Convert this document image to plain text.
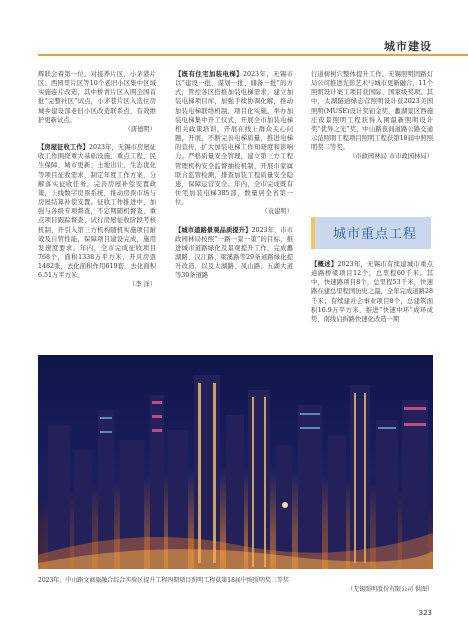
城市建设

辉联会着第一位。对接养片区、小茅港片区、西园里片区等10个老旧小区集中区域实施连片改造，其中桥青片区入围全国首批“完整社区”试点，小茅巷片区入选住房城乡建设部老旧小区改造联系点，有效维护更新试点。

（唐德明）

【房屋征收工作】2023年，无锡市房屋征收工作围绕重大基础设施、重点工程、民生保障、城市更新、土地出让、生态优化等项目征收需求，制定年度工作方案，分解落实征收任务，完善房屋补偿安置政策，上线数字房票系统，推动房票市场与房屋结算补偿安置。征收工作推进中，加强与各级专项督查，不定期随机督查，重点项目跟踪督查，试行房屋征收阶段考核机制，开引入第三方机构随机实施项目耐效及自管性能，保障项目建设完成，施用发速度要求。年内，全市完成征收项目768个，面积1338万平方米，开具房票1482张，去化面积作用619套，去化面积6.51万平方米。

（李 洋）

【既有住宅加装电梯】2023年，无锡市以“建设一批、谋划一批、储备一批”的方式，管控各区搭推加装电梯需求，建立加装电梯项目库，加强手续协调化解，推动加装电梯联络机制，项目化实施。举办加装电梯集中开工仪式，开展全市加装电梯相关政策培训，开展在线上群众关心问题，开展，不断完善电梯质量，推进电梯的宣传，扩大加装电梯工作知晓度和影响力。严格质量安全管理，建立第三方工程管理机构安全监督抽检机制，开展市家属联合监管检测，排查加装工程质量安全隐患，保障运营安全。年内，全市完成既有住宅加装电梯385部，数量居全省第一位。

（袁建明）

【城市道路景观品质提升】2023年，市市政园林局按照“一路一景一策”的目标，推进城市道路绿化及景观提升工作，完成蠡湖路、汉江路、梁溪路等29条道路绿化提升改造，以及太湖路、凤山路、五湖大道等30条道路

行道树树穴整体提升工作。无锡照明固路灯局公司推进光影艺术与城市更新融合，11个照明设计案工项目获国际、国家级奖项。其中，太湖隧道绿态营照明设计获2023美国照明(MUSE)设计奖铂金奖，蠡湖景区西施庄夜景照明工程获得入围最新照明设计奖“优异之光”奖，中山路夜间道路公路交通示范照明工程项目照明工程获第18届中照照明奖二等奖。

（市政园林局 市市政园林局）

城市重点工程

【概述】2023年，无锡市有续建城市重点道路桥梁项目12个，总里程60千米。其中，快速路项目8个，总里程53千米，快速路在建总里程国历史之最，全年完成道路28千米；有续建社会事业项目8个，总建筑面积16.9万平方米，推进“快速中环”成环成势，南线启拆路快速化改造一期

2023年，中山路文商旅融合综合实验区提升工程四期项目照明工程获第18届中照照明奖二等奖
（无锡照明股份有限公司 供图）
323
